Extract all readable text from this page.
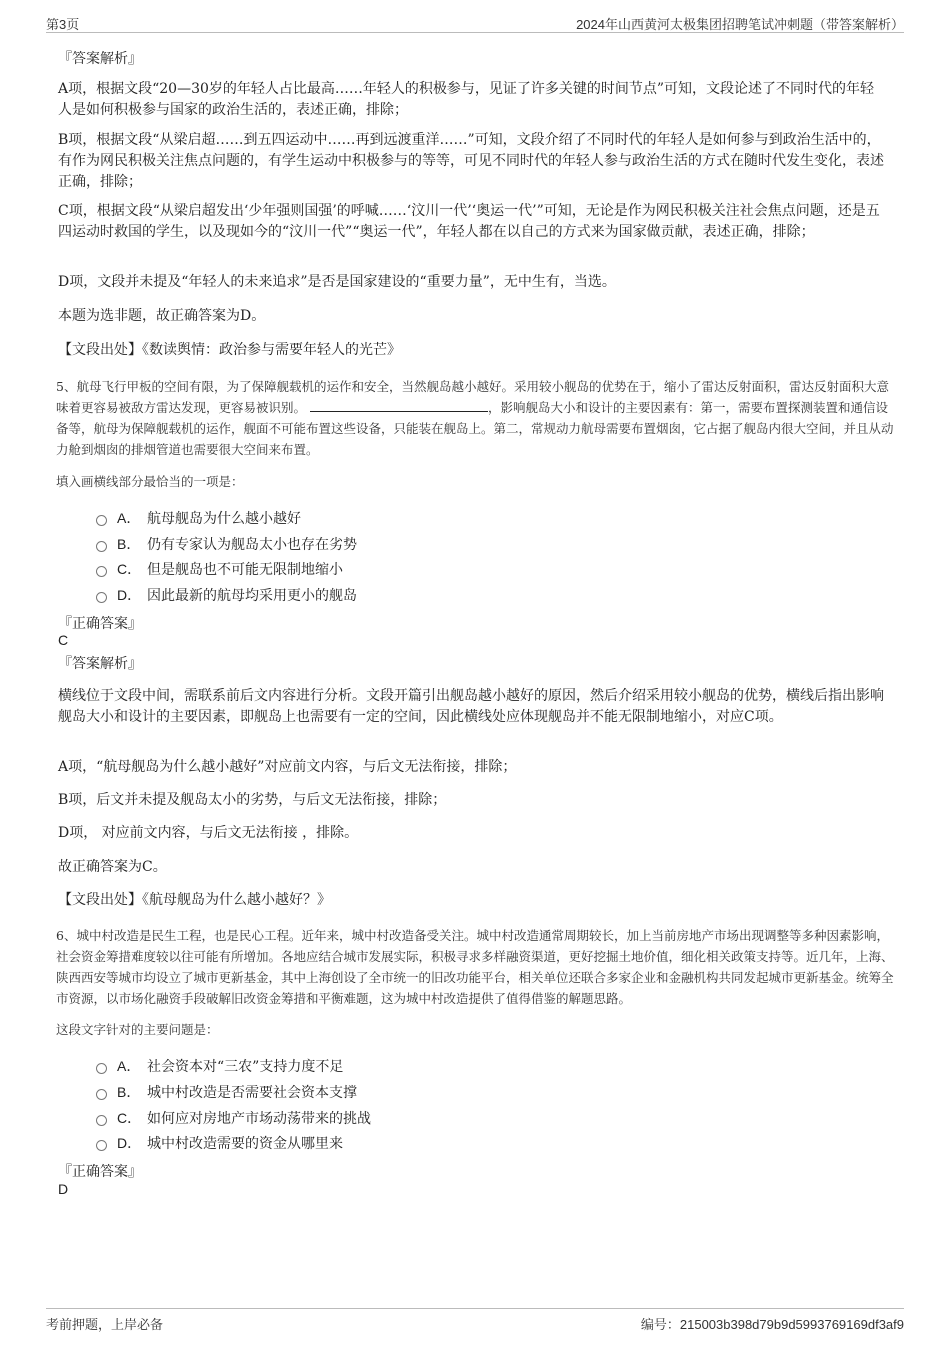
第3页	2024年山西黄河太极集团招聘笔试冲刺题（带答案解析）
『答案解析』

A项，根据文段“20—30岁的年轻人占比最高……年轻人的积极参与，见证了许多关键的时间节点”可知，文段论述了不同时代的年轻人是如何积极参与国家的政治生活的，表述正确，排除；

B项，根据文段“从梁启超……到五四运动中……再到远渡重洋……”可知，文段介绍了不同时代的年轻人是如何参与到政治生活中的，有作为网民积极关注焦点问题的，有学生运动中积极参与的等等，可见不同时代的年轻人参与政治生活的方式在随时代发生变化，表述正确，排除；

C项，根据文段“从梁启超发出‘少年强则国强’的呼喊……‘汶川一代’‘奥运一代’”可知，无论是作为网民积极关注社会焦点问题，还是五四运动时救国的学生，以及现如今的“汶川一代”“奥运一代”，年轻人都在以自己的方式来为国家做贡献，表述正确，排除；

D项，文段并未提及“年轻人的未来追求”是否是国家建设的“重要力量”，无中生有，当选。

本题为选非题，故正确答案为D。

【文段出处】《数读舆情：政治参与需要年轻人的光芒》

5、航母飞行甲板的空间有限，为了保障舰载机的运作和安全，当然舰岛越小越好。采用较小舰岛的优势在于，缩小了雷达反射面积，雷达反射面积大意味着更容易被敌方雷达发现，更容易被识别。	，影响舰岛大小和设计的主要因素有：第一，需要布置探测装置和通信设备等，航母为保障舰载机的运作，舰面不可能布置这些设备，只能装在舰岛上。第二，常规动力航母需要布置烟囱，它占据了舰岛内很大空间，并且从动力舱到烟囱的排烟管道也需要很大空间来布置。

填入画横线部分最恰当的一项是：
A． 航母舰岛为什么越小越好
B． 仍有专家认为舰岛太小也存在劣势
C． 但是舰岛也不可能无限制地缩小
D． 因此最新的航母均采用更小的舰岛
『正确答案』
C
『答案解析』

横线位于文段中间，需联系前后文内容进行分析。文段开篇引出舰岛越小越好的原因，然后介绍采用较小舰岛的优势，横线后指出影响舰岛大小和设计的主要因素，即舰岛上也需要有一定的空间，因此横线处应体现舰岛并不能无限制地缩小，对应C项。

A项，“航母舰岛为什么越小越好”对应前文内容，与后文无法衔接，排除；

B项，后文并未提及舰岛太小的劣势，与后文无法衔接，排除；

D项， 对应前文内容，与后文无法衔接 ，排除。

故正确答案为C。

【文段出处】《航母舰岛为什么越小越好？》

6、城中村改造是民生工程，也是民心工程。近年来，城中村改造备受关注。城中村改造通常周期较长，加上当前房地产市场出现调整等多种因素影响，社会资金筹措难度较以往可能有所增加。各地应结合城市发展实际，积极寻求多样融资渠道，更好挖掘土地价值，细化相关政策支持等。近几年，上海、陕西西安等城市均设立了城市更新基金，其中上海创设了全市统一的旧改功能平台，相关单位还联合多家企业和金融机构共同发起城市更新基金。统筹全市资源，以市场化融资手段破解旧改资金筹措和平衡难题，这为城中村改造提供了值得借鉴的解题思路。

这段文字针对的主要问题是：
A． 社会资本对“三农”支持力度不足
B． 城中村改造是否需要社会资本支撑
C． 如何应对房地产市场动荡带来的挑战
D． 城中村改造需要的资金从哪里来
『正确答案』
D
考前押题，上岸必备	编号：215003b398d79b9d5993769169df3af9
